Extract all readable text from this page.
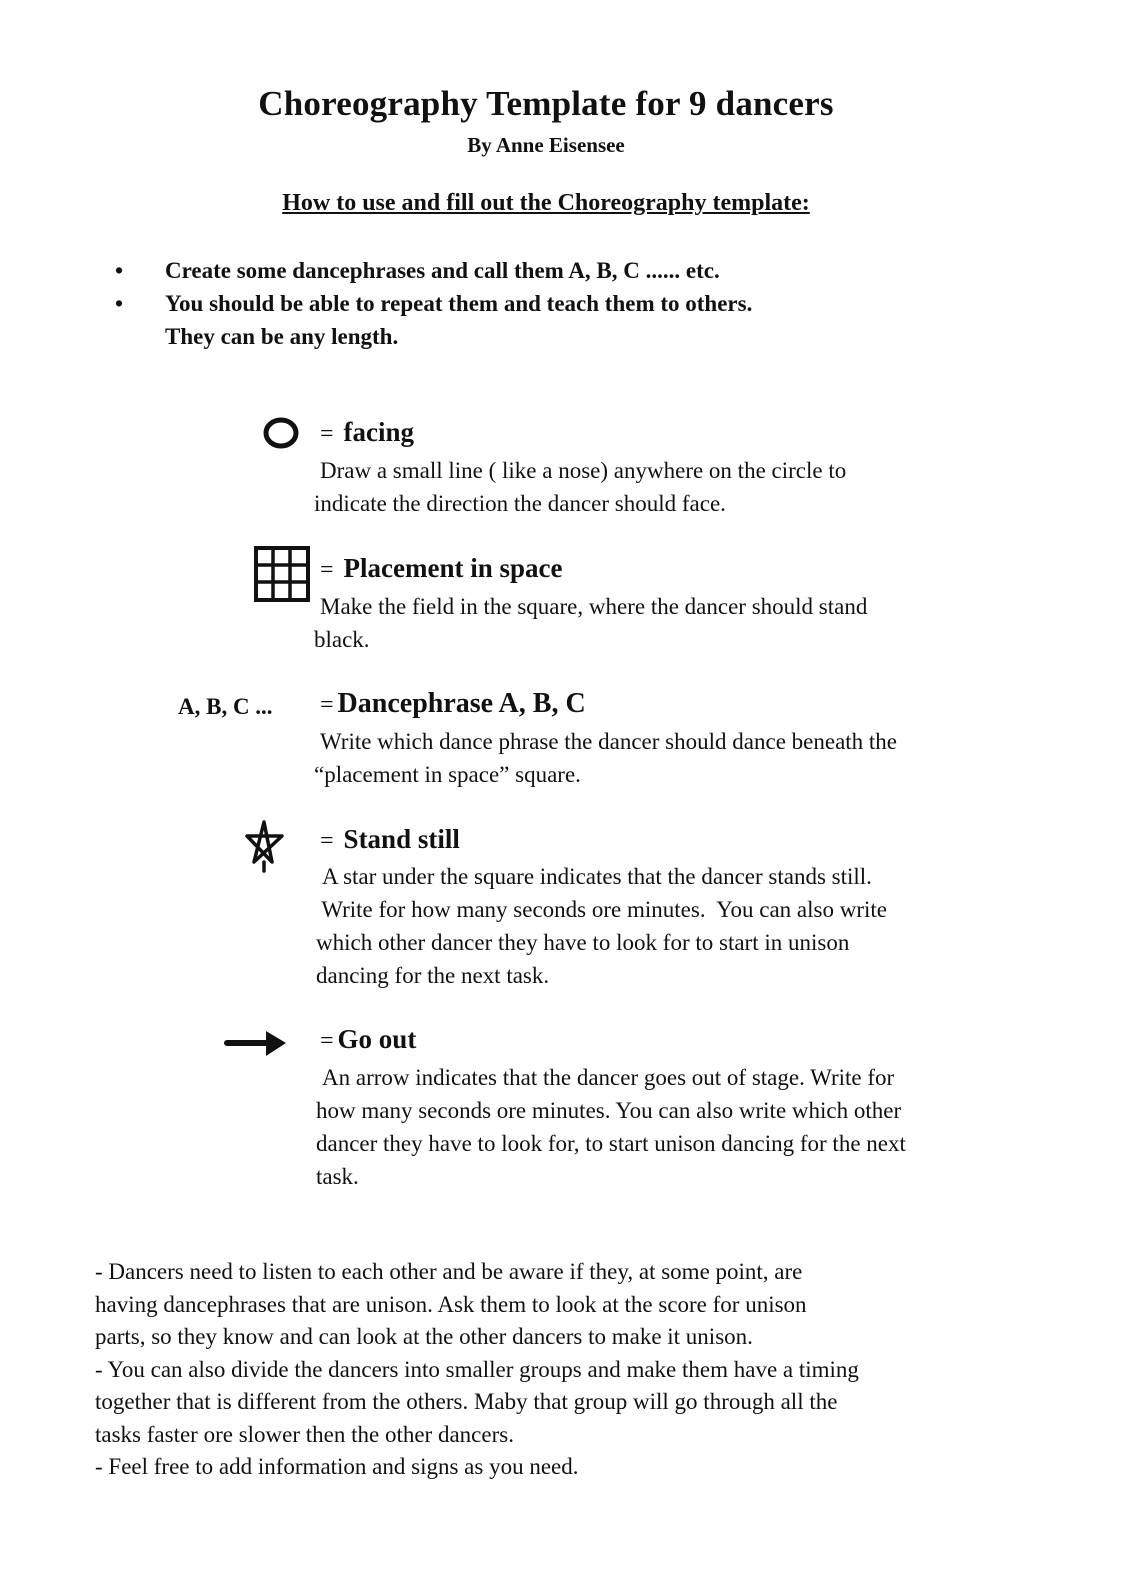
Choreography Template for 9 dancers
By Anne Eisensee
How to use and fill out the Choreography template:
•	Create some dancephrases and call them A, B, C ...... etc.
•	You should be able to repeat them and teach them to others.
They can be any length.
= facing
Draw a small line ( like a nose) anywhere on the circle to
indicate the direction the dancer should face.
= Placement in space
Make the field in the square, where the dancer should stand
black.
A, B, C ... = Dancephrase A, B, C
Write which dance phrase the dancer should dance beneath the
“placement in space” square.
= Stand still
A star under the square indicates that the dancer stands still.
Write for how many seconds ore minutes.  You can also write
which other dancer they have to look for to start in unison
dancing for the next task.
= Go out
An arrow indicates that the dancer goes out of stage. Write for
how many seconds ore minutes. You can also write which other
dancer they have to look for, to start unison dancing for the next
task.

- Dancers need to listen to each other and be aware if they, at some point, are

having dancephrases that are unison. Ask them to look at the score for unison

parts, so they know and can look at the other dancers to make it unison.

- You can also divide the dancers into smaller groups and make them have a timing

together that is different from the others. Maby that group will go through all the

tasks faster ore slower then the other dancers.

- Feel free to add information and signs as you need.
